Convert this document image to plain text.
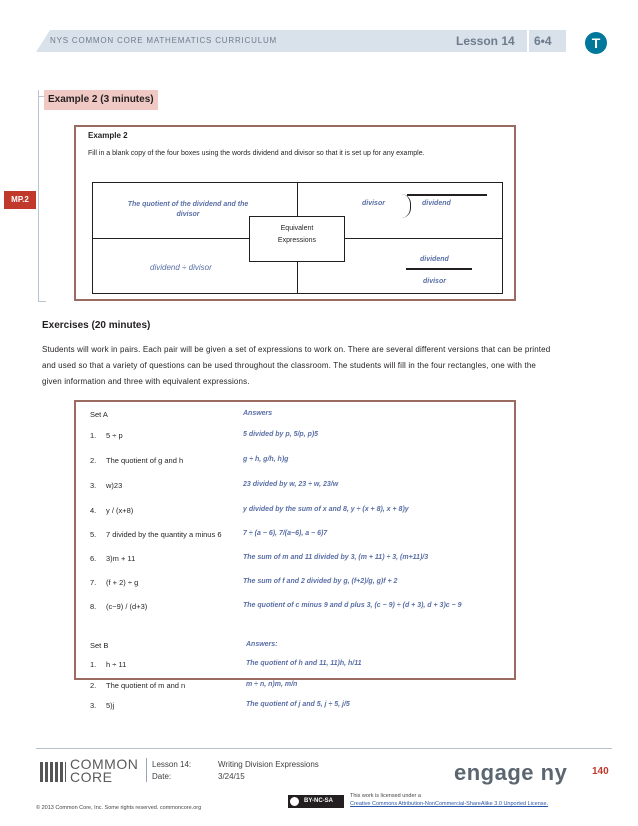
NYS COMMON CORE MATHEMATICS CURRICULUM	Lesson 14 6•4	T
MP.2
Example 2 (3 minutes)
Example 2
Fill in a blank copy of the four boxes using the words dividend and divisor so that it is set up for any example.
The quotient of the dividend and the divisor
divisor	dividend
Equivalent Expressions
dividend ÷ divisor
dividend
divisor
Exercises (20 minutes)
Students will work in pairs. Each pair will be given a set of expressions to work on. There are several different versions that can be printed and used so that a variety of questions can be used throughout the classroom. The students will fill in the four rectangles, one with the given information and three with equivalent expressions.
Set A	Answers
1. 5 ÷ p	5 divided by p, 5/p, p)5
2. The quotient of g and h	g ÷ h, g/h, h)g
3. w)23	23 divided by w, 23 ÷ w, 23/w
4. y / (x+8)	y divided by the sum of x and 8, y ÷ (x + 8), x + 8)y
5. 7 divided by the quantity a minus 6	7 ÷ (a − 6), 7/(a−6), a − 6)7
6. 3)m + 11	The sum of m and 11 divided by 3, (m + 11) ÷ 3, (m+11)/3
7. (f + 2) ÷ g	The sum of f and 2 divided by g, (f+2)/g, g)f + 2
8. (c−9) / (d+3)	The quotient of c minus 9 and d plus 3, (c − 9) ÷ (d + 3), d + 3)c − 9
Set B	Answers:
1. h ÷ 11	The quotient of h and 11, 11)h, h/11
2. The quotient of m and n	m ÷ n, n)m, m/n
3. 5)j	The quotient of j and 5, j ÷ 5, j/5
COMMON
CORE
Lesson 14:	Writing Division Expressions
Date:	3/24/15	engage ny 140
© 2013 Common Core, Inc. Some rights reserved. commoncore.org
BY-NC-SA
This work is licensed under a
Creative Commons Attribution-NonCommercial-ShareAlike 3.0 Unported License.
